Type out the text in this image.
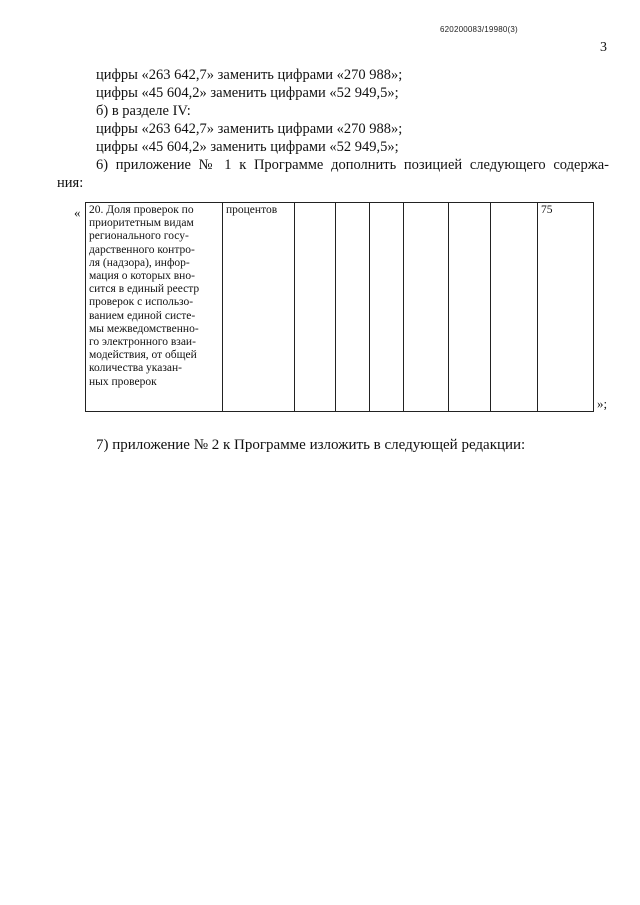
620200083/19980(3)
3
цифры «263 642,7» заменить цифрами «270 988»;
цифры «45 604,2» заменить цифрами «52 949,5»;
б) в разделе IV:
цифры «263 642,7» заменить цифрами «270 988»;
цифры «45 604,2» заменить цифрами «52 949,5»;
6) приложение № 1 к Программе дополнить позицией следующего содержа-
ния:
« 20. Доля проверок по
приоритетным видам
регионального госу-
дарственного контро-
ля (надзора), инфор-
мация о которых вно-
сится в единый реестр
проверок с использо-
ванием единой систе-
мы межведомственно-
го электронного взаи-
модействия, от общей
количества указан-
ных проверок
	процентов							75
»;
7) приложение № 2 к Программе изложить в следующей редакции:
